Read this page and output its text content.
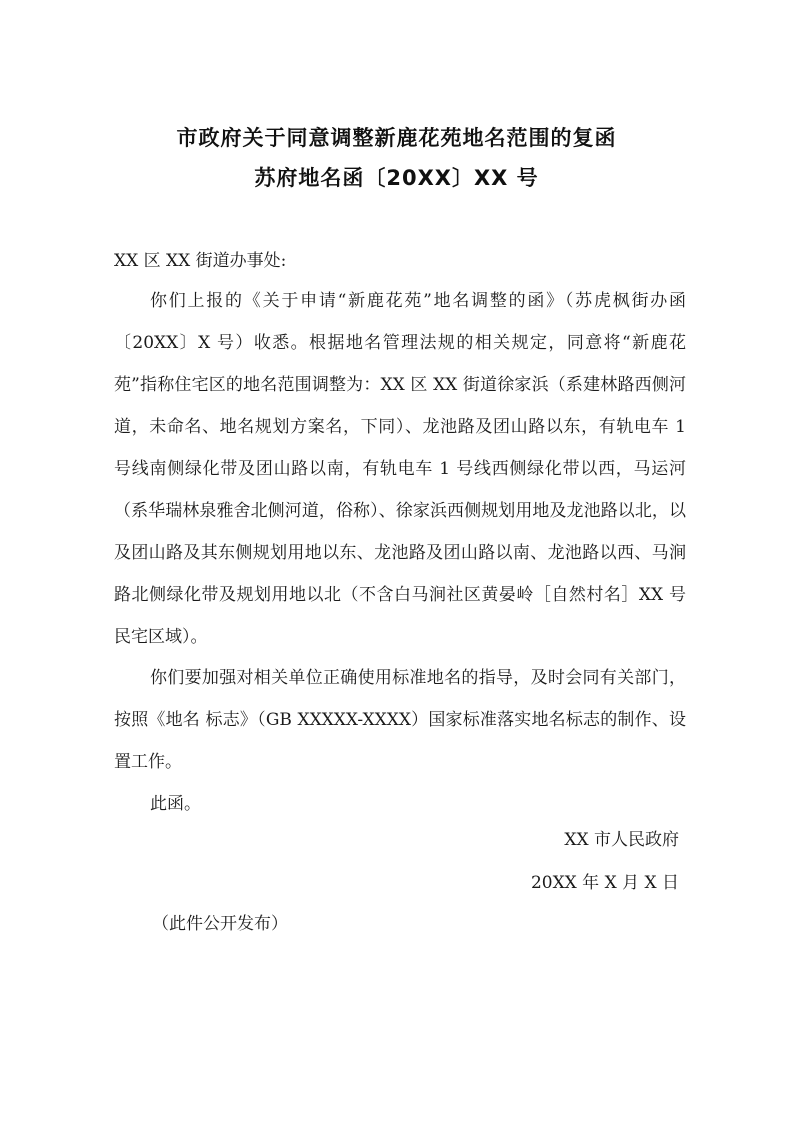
市政府关于同意调整新鹿花苑地名范围的复函
苏府地名函〔20XX〕XX 号
XX 区 XX 街道办事处:
你们上报的《关于申请“新鹿花苑”地名调整的函》（苏虎枫街办函〔20XX〕X 号）收悉。根据地名管理法规的相关规定，同意将“新鹿花苑”指称住宅区的地名范围调整为：XX 区 XX 街道徐家浜（系建林路西侧河道，未命名、地名规划方案名，下同）、龙池路及团山路以东，有轨电车 1 号线南侧绿化带及团山路以南，有轨电车 1 号线西侧绿化带以西，马运河（系华瑞林泉雅舍北侧河道，俗称）、徐家浜西侧规划用地及龙池路以北，以及团山路及其东侧规划用地以东、龙池路及团山路以南、龙池路以西、马涧路北侧绿化带及规划用地以北（不含白马涧社区黄晏岭［自然村名］XX 号民宅区域）。
你们要加强对相关单位正确使用标准地名的指导，及时会同有关部门，按照《地名 标志》（GB XXXXX-XXXX）国家标准落实地名标志的制作、设置工作。
此函。
XX 市人民政府
20XX 年 X 月 X 日
（此件公开发布）
